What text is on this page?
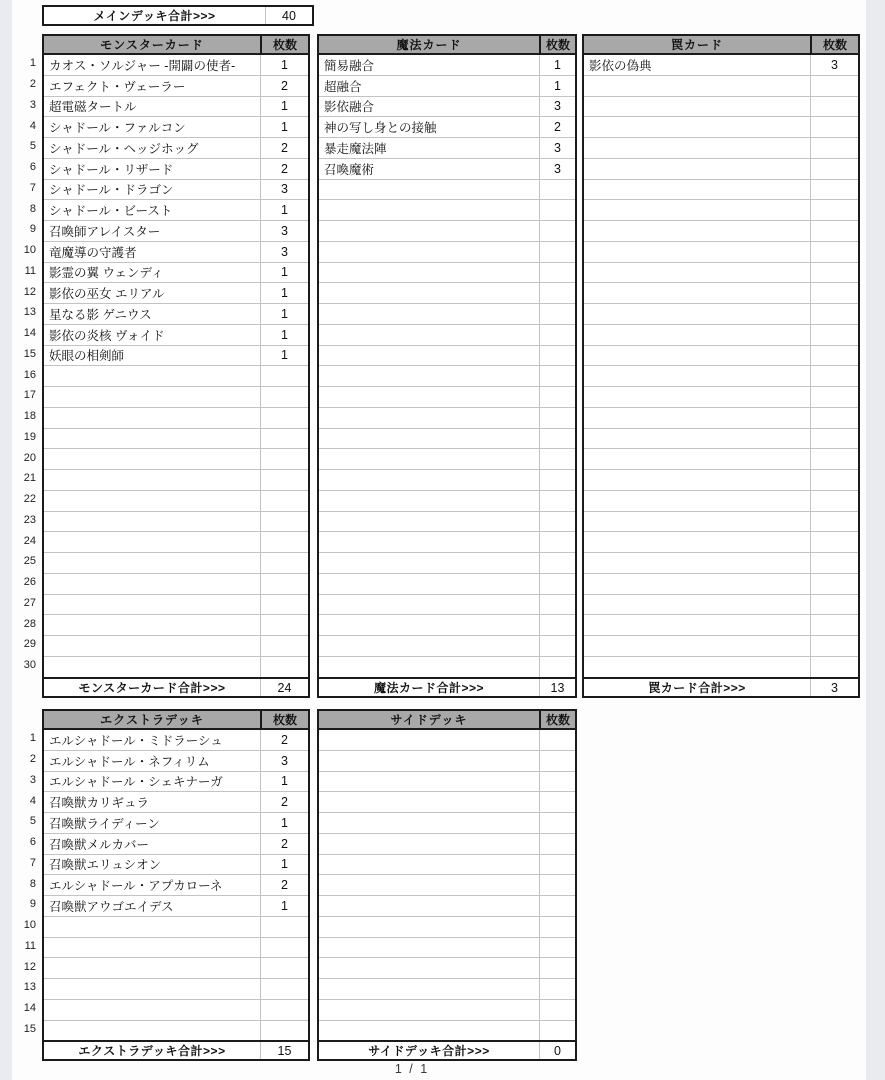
メインデッキ合計>>>	40
1
2
3
4
5
6
7
8
9
10
11
12
13
14
15
16
17
18
19
20
21
22
23
24
25
26
27
28
29
30
モンスターカード	枚数
カオス・ソルジャー -開闢の使者-	1
エフェクト・ヴェーラー	2
超電磁タートル	1
シャドール・ファルコン	1
シャドール・ヘッジホッグ	2
シャドール・リザード	2
シャドール・ドラゴン	3
シャドール・ビースト	1
召喚師アレイスター	3
竜魔導の守護者	3
影霊の翼 ウェンディ	1
影依の巫女 エリアル	1
星なる影 ゲニウス	1
影依の炎核 ヴォイド	1
妖眼の相剣師	1
モンスターカード合計>>>	24
魔法カード	枚数
簡易融合	1
超融合	1
影依融合	3
神の写し身との接触	2
暴走魔法陣	3
召喚魔術	3
魔法カード合計>>>	13
罠カード	枚数
影依の偽典	3
罠カード合計>>>	3
1
2
3
4
5
6
7
8
9
10
11
12
13
14
15
エクストラデッキ	枚数
エルシャドール・ミドラーシュ	2
エルシャドール・ネフィリム	3
エルシャドール・シェキナーガ	1
召喚獣カリギュラ	2
召喚獣ライディーン	1
召喚獣メルカバー	2
召喚獣エリュシオン	1
エルシャドール・アプカローネ	2
召喚獣アウゴエイデス	1
エクストラデッキ合計>>>	15
サイドデッキ	枚数
サイドデッキ合計>>>	0
1 / 1
